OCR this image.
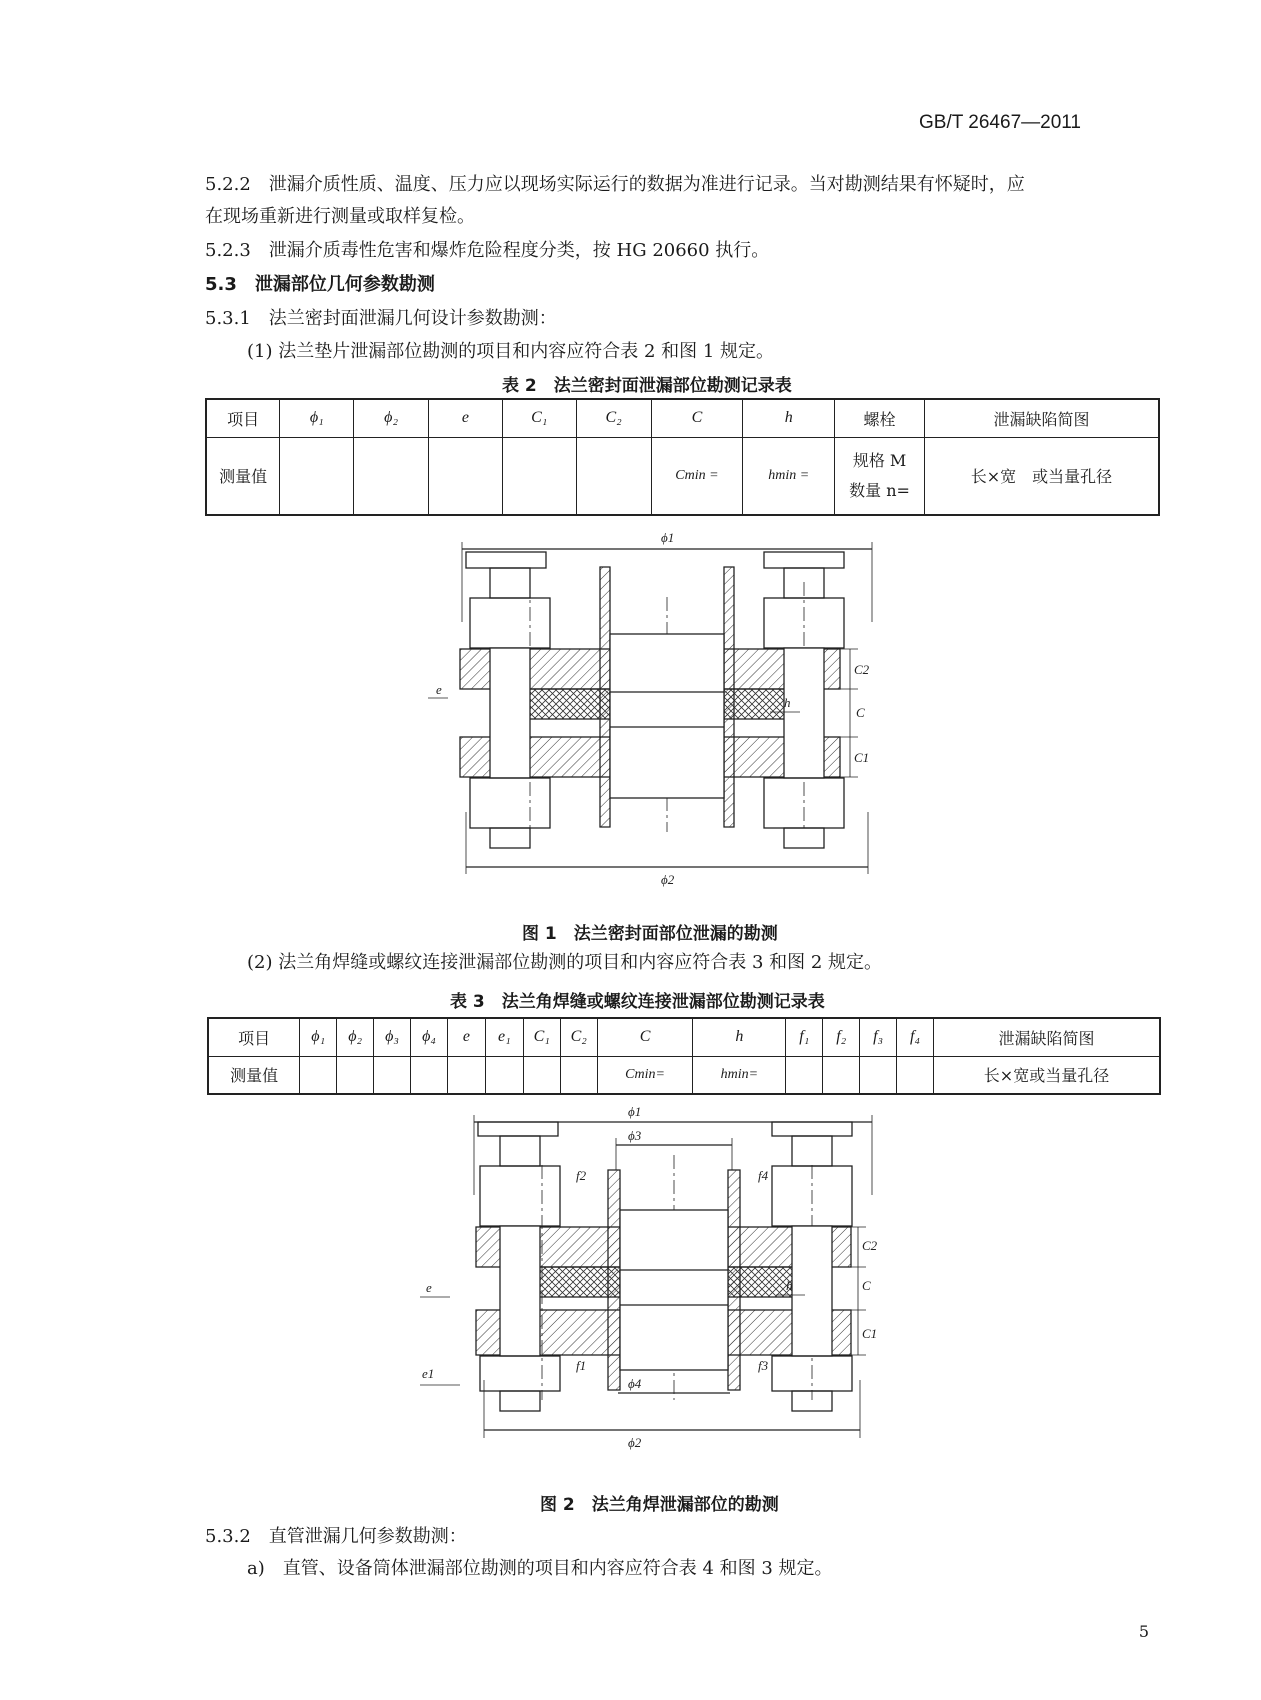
GB/T 26467—2011
5.2.2　泄漏介质性质、温度、压力应以现场实际运行的数据为准进行记录。当对勘测结果有怀疑时，应
在现场重新进行测量或取样复检。
5.2.3　泄漏介质毒性危害和爆炸危险程度分类，按 HG 20660 执行。
5.3　泄漏部位几何参数勘测
5.3.1　法兰密封面泄漏几何设计参数勘测：
(1) 法兰垫片泄漏部位勘测的项目和内容应符合表 2 和图 1 规定。
表 2　法兰密封面泄漏部位勘测记录表
项目	ϕ₁	ϕ₂	e	C₁	C₂	C	h	螺栓	泄漏缺陷简图
测量值						Cmin =	hmin =	规格 M
数量 n=	长×宽　或当量孔径
ϕ1
ϕ2
e
h
C
C1
C2
图 1　法兰密封面部位泄漏的勘测
(2) 法兰角焊缝或螺纹连接泄漏部位勘测的项目和内容应符合表 3 和图 2 规定。
表 3　法兰角焊缝或螺纹连接泄漏部位勘测记录表
项目	ϕ₁	ϕ₂	ϕ₃	ϕ₄	e	e₁	C₁	C₂	C	h	f₁	f₂	f₃	f₄	泄漏缺陷简图
测量值									Cmin=	hmin=					长×宽或当量孔径
ϕ1
ϕ2
ϕ3
ϕ4
e
e1
h	C
C1
C2
f1
f2
f3
f4
图 2　法兰角焊泄漏部位的勘测
5.3.2　直管泄漏几何参数勘测：
a)　直管、设备筒体泄漏部位勘测的项目和内容应符合表 4 和图 3 规定。
5
